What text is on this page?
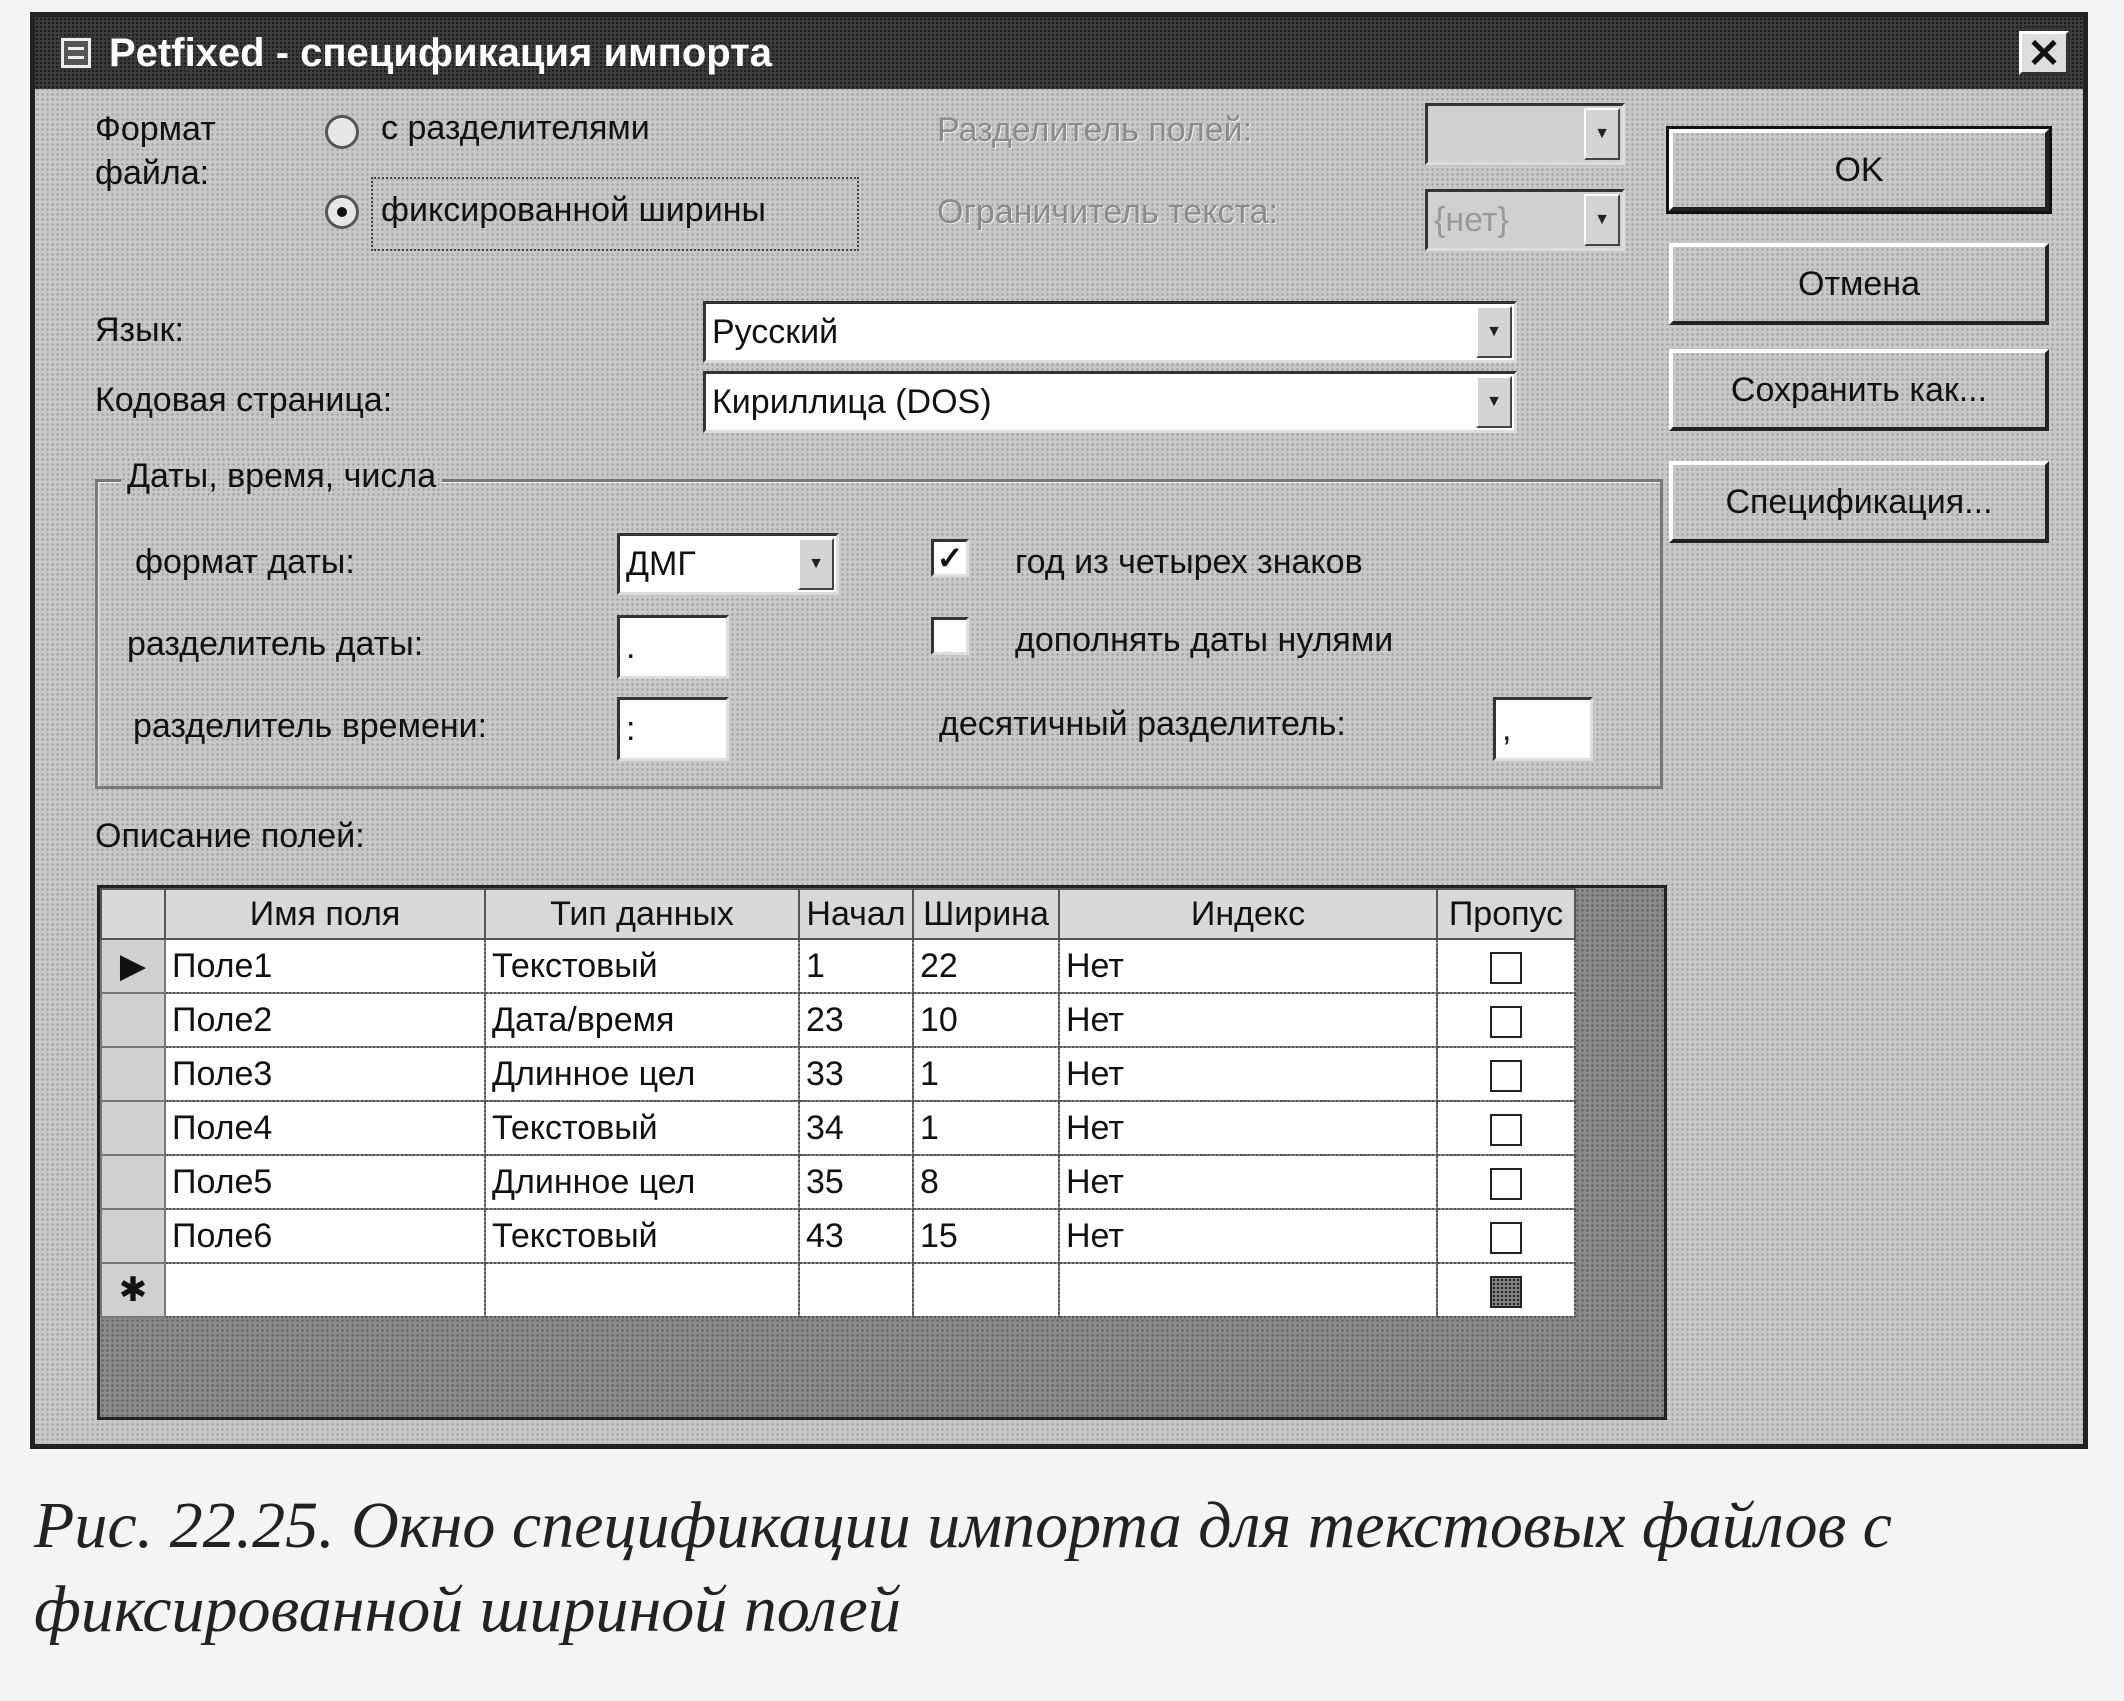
Petfixed - спецификация импорта	✕
Формат
файла:
с разделителями
фиксированной ширины
Разделитель полей:	▼
Ограничитель текста:	{нет}	▼
Язык:	Русский	▼
Кодовая страница:	Кириллица (DOS)	▼
Даты, время, числа
формат даты:	ДМГ	▼
разделитель даты:	.
разделитель времени:	:
✓ год из четырех знаков
дополнять даты нулями
десятичный разделитель:	,
OK
Отмена
Сохранить как...
Спецификация...
Описание полей:
	Имя поля	Тип данных	Начал	Ширина	Индекс	Пропус
▶	Поле1	Текстовый	1	22	Нет	
	Поле2	Дата/время	23	10	Нет	
	Поле3	Длинное цел	33	1	Нет	
	Поле4	Текстовый	34	1	Нет	
	Поле5	Длинное цел	35	8	Нет	
	Поле6	Текстовый	43	15	Нет	
✱						
Рис. 22.25. Окно спецификации импорта для текстовых файлов с фиксированной шириной полей
